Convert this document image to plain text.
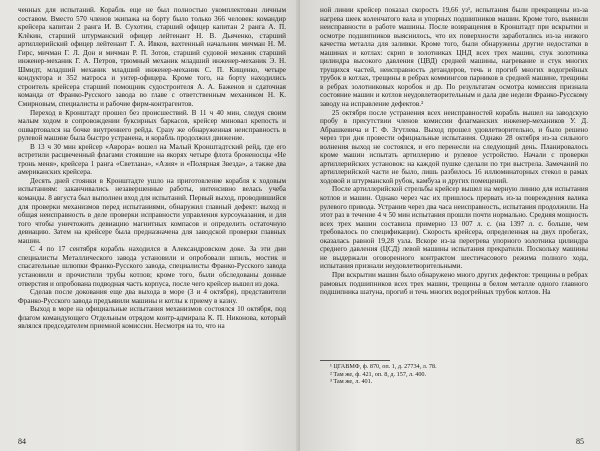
ченных для испытаний. Корабль еще не был полностью укомплектован личным составом. Вместо 570 членов экипажа на борту было только 366 человек: командир крейсера капитан 2 ранга И. В. Сухотин, старший офицер капитан 2 ранга А. П. Клёкин, старший штурманский офицер лейтенант Н. В. Дьяченко, старший артиллерийский офицер лейтенант Г. А. Ивков, вахтенный начальник мичман Н. М. Гирс, мичман Г. Л. Дон и мичман Р. П. Зотов, старший судовой механик старший инженер-механик Г. А. Петров, трюмный механик младший инженер-механик Э. Н. Шмидт, младший механик младший инженер-механик С. П. Кищенко, четыре кондуктора и 352 матроса и унтер-офицера. Кроме того, на борту находились строитель крейсера старший помощник судостроителя А. А. Баженов и сдаточная команда от Франко-Русского завода во главе с ответственным механиком Н. К. Смирновым, специалисты и рабочие фирм-контрагентов.

Переход в Кронштадт прошел без происшествий. В 11 ч 40 мин, следуя своим малым ходом в сопровождении буксирных баркасов, крейсер миновал крепость и ошвартовался на бочке внутреннего рейда. Сразу же обнаруженная неисправность в рулевой машине была быстро устранена, и корабль продолжил движение.

В 13 ч 30 мин крейсер «Аврора» вошел на Малый Кронштадтский рейд, где его встретили расцвеченный флагами стоявшие на якорях четыре флота броненосцы «Не тронь меня», крейсера 1 ранга «Светлана», «Азия» и «Полярная Звезда», а также два американских крейсера.

Десять дней стоянки в Кронштадте ушло на приготовление корабля к ходовым испытаниям: заканчивались незавершенные работы, интенсивно велась учеба команды. 8 августа был выполнен вход для испытаний. Первый выход, проводившийся для проверки механизмов перед испытаниями, обнаружил главный дефект: выход и общая неисправность в деле проверки исправности управления курсоуказания, и для того чтобы уничтожить девиацию магнитных компасов и определить остаточную девиацию. Затем на крейсере была предназначена для заводской проверки главных машин.

С 4 по 17 сентября корабль находился в Александровском доке. За эти дни специалисты Металлического завода установили и опробовали шпиль, мостик и спасательные шлюпки Франко-Русского завода, специалисты Франко-Русского завода установили и прочистили трубы котлов; кроме того, были обследованы донные отверстия и опробована подводная часть корпуса, после чего крейсер вышел из дока.

Сделав после докования еще два выхода в море (3 и 4 октября), представители Франко-Русского завода предъявили машины и котлы к приему в казну.

Выход в море на официальные испытания механизмов состоялся 10 октября, под флагом командующего Отдельным отрядом контр-адмирала К. П. Никонова, который являлся председателем приемной комиссии. Несмотря на то, что на

84

ной линии крейсер показал скорость 19,66 уз¹, испытания были прекращены из-за нагрева шеек коленчатого вала и упорных подшипников машин. Кроме того, выявили неисправности в работе машины. После возвращения в Кронштадт при вскрытии и осмотре подшипников выяснилось, что их поверхности заработались из-за низкого качества металла для заливки. Кроме того, были обнаружены другие недостатки в машинах и котлах: скрип в золотниках ЦНД всех трех машин, стук золотника цилиндра высокого давления (ЦВД) средней машины, нагревание и стук многих трущихся частей, неисправность детандеров, течь и прогиб многих водогрейных трубок в котлах, трещины в ребрах коммингсов парников в средней машине, трещины в ребрах золотниковых коробок и др. По результатам осмотра комиссия признала состояние машин и котлов неудовлетворительным и дала две недели Франко-Русскому заводу на исправление дефектов.²

25 октября после устранения всех неисправностей корабль вышел на заводскую пробу в присутствии членов комиссии флагманских инженер-механиков У. Д. Абрашкевича и Г. Ф. Згутлева. Выход прошел удовлетворительно, и было решено через три дня провести официальные испытания. Однако 28 октября из-за сильного волнения выход не состоялся, и его перенесли на следующий день. Планировалось кроме машин испытать артиллерию и рулевое устройство. Начали с проверки артиллерийских установок: на каждой пушке сделали по три выстрела. Замечаний по артиллерийской части не было, лишь разбилось 16 иллюминаторных стекол в рамах ходовой и штурманской рубок, камбуза и других помещений.

После артиллерийской стрельбы крейсер вышел на мерную линию для испытания котлов и машин. Однако через час их пришлось прервать из-за повреждения валика рулевого привода. Устранив через два часа неисправность, испытания продолжили. На этот раз в течение 4 ч 50 мин испытания прошли почти нормально. Средняя мощность всех трех машин составила примерно 13 007 л. с. (на 1397 л. с. больше, чем требовалось по спецификации). Скорость крейсера, определенная на двух пробегах, оказалась равной 19,28 узла. Вскоре из-за перегрева упорного золотника цилиндра среднего давления (ЦСД) левой машины испытания прекратили. Поскольку машины не выдержали оговоренного контрактом шестичасового режима полного хода, испытания признали неудовлетворительными.

При вскрытии машин было обнаружено много других дефектов: трещины в ребрах рамовых подшипников всех трех машин, трещины в белом металле одного главного подшипника шатуна, прогиб и течь многих водогрейных трубок котлов. На

¹ ЦГАВМФ, ф. 870, оп. 1, д. 27734, л. 78.
² Там же, ф. 421, оп. 8, д. 157, л. 400.
³ Там же, л. 401.
85
